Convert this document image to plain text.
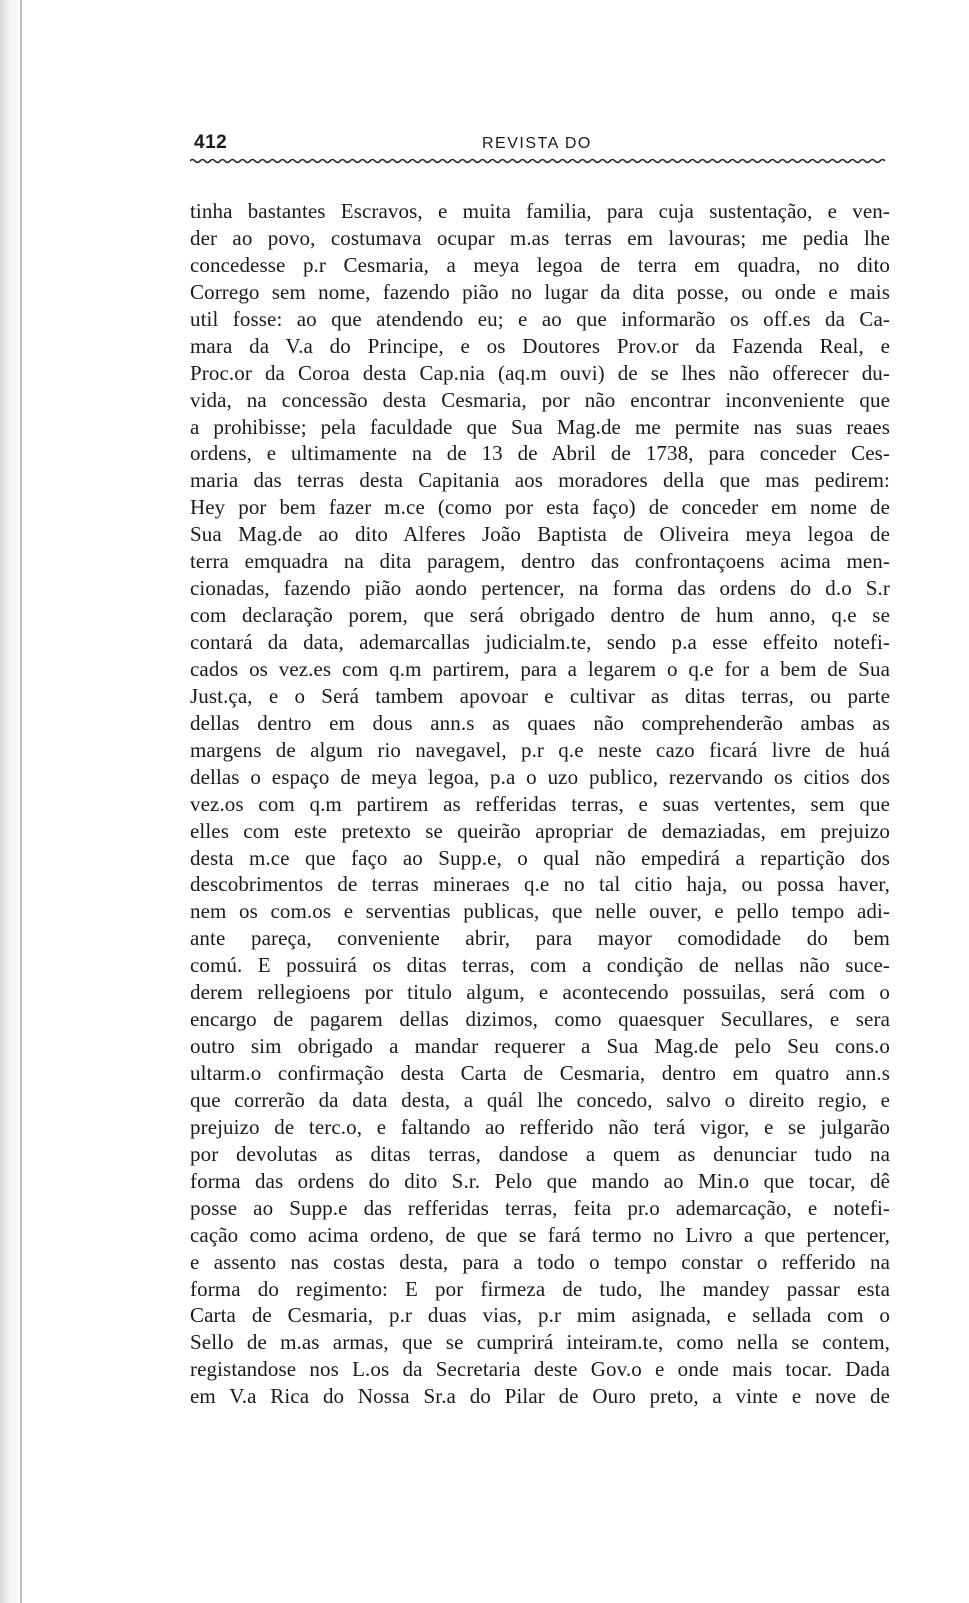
412	REVISTA DO
tinha bastantes Escravos, e muita familia, para cuja sustentação, e ven-
der ao povo, costumava ocupar m.as terras em lavouras; me pedia lhe
concedesse p.r Cesmaria, a meya legoa de terra em quadra, no dito
Corrego sem nome, fazendo pião no lugar da dita posse, ou onde e mais
util fosse: ao que atendendo eu; e ao que informarão os off.es da Ca-
mara da V.a do Principe, e os Doutores Prov.or da Fazenda Real, e
Proc.or da Coroa desta Cap.nia (aq.m ouvi) de se lhes não offerecer du-
vida, na concessão desta Cesmaria, por não encontrar inconveniente que
a prohibisse; pela faculdade que Sua Mag.de me permite nas suas reaes
ordens, e ultimamente na de 13 de Abril de 1738, para conceder Ces-
maria das terras desta Capitania aos moradores della que mas pedirem:
Hey por bem fazer m.ce (como por esta faço) de conceder em nome de
Sua Mag.de ao dito Alferes João Baptista de Oliveira meya legoa de
terra emquadra na dita paragem, dentro das confrontaçoens acima men-
cionadas, fazendo pião aondo pertencer, na forma das ordens do d.o S.r
com declaração porem, que será obrigado dentro de hum anno, q.e se
contará da data, ademarcallas judicialm.te, sendo p.a esse effeito notefi-
cados os vez.es com q.m partirem, para a legarem o q.e for a bem de Sua
Just.ça, e o Será tambem apovoar e cultivar as ditas terras, ou parte
dellas dentro em dous ann.s as quaes não comprehenderão ambas as
margens de algum rio navegavel, p.r q.e neste cazo ficará livre de huá
dellas o espaço de meya legoa, p.a o uzo publico, rezervando os citios dos
vez.os com q.m partirem as refferidas terras, e suas vertentes, sem que
elles com este pretexto se queirão apropriar de demaziadas, em prejuizo
desta m.ce que faço ao Supp.e, o qual não empedirá a repartição dos
descobrimentos de terras mineraes q.e no tal citio haja, ou possa haver,
nem os com.os e serventias publicas, que nelle ouver, e pello tempo adi-
ante pareça, conveniente abrir, para mayor comodidade do bem
comú. E possuirá os ditas terras, com a condição de nellas não suce-
derem rellegioens por titulo algum, e acontecendo possuilas, será com o
encargo de pagarem dellas dizimos, como quaesquer Secullares, e sera
outro sim obrigado a mandar requerer a Sua Mag.de pelo Seu cons.o
ultarm.o confirmação desta Carta de Cesmaria, dentro em quatro ann.s
que correrão da data desta, a quál lhe concedo, salvo o direito regio, e
prejuizo de terc.o, e faltando ao refferido não terá vigor, e se julgarão
por devolutas as ditas terras, dandose a quem as denunciar tudo na
forma das ordens do dito S.r. Pelo que mando ao Min.o que tocar, dê
posse ao Supp.e das refferidas terras, feita pr.o ademarcação, e notefi-
cação como acima ordeno, de que se fará termo no Livro a que pertencer,
e assento nas costas desta, para a todo o tempo constar o refferido na
forma do regimento: E por firmeza de tudo, lhe mandey passar esta
Carta de Cesmaria, p.r duas vias, p.r mim asignada, e sellada com o
Sello de m.as armas, que se cumprirá inteiram.te, como nella se contem,
registandose nos L.os da Secretaria deste Gov.o e onde mais tocar. Dada
em V.a Rica do Nossa Sr.a do Pilar de Ouro preto, a vinte e nove de
